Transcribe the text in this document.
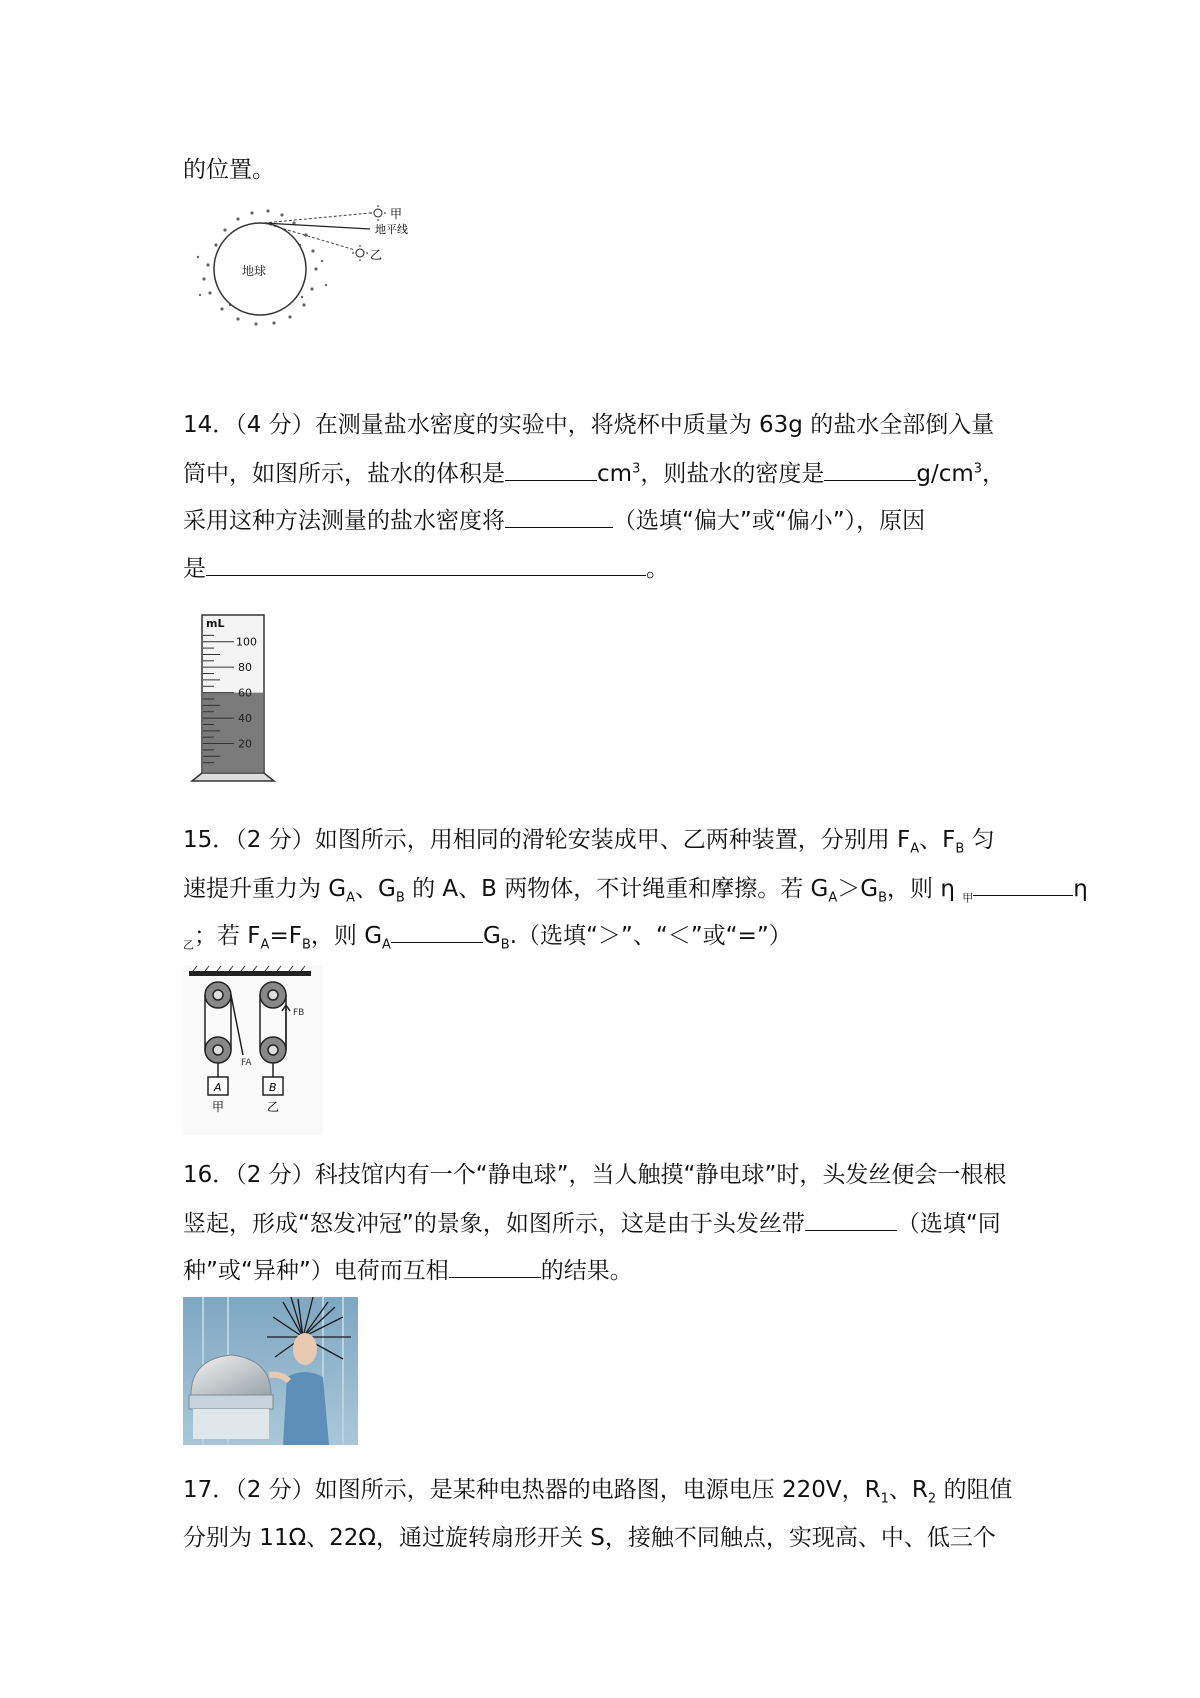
的位置。
地球
甲
地平线
乙
14．（4 分）在测量盐水密度的实验中，将烧杯中质量为 63g 的盐水全部倒入量
筒中，如图所示，盐水的体积是	$cm^3$，则盐水的密度是	$g/cm^3$，
采用这种方法测量的盐水密度将	（选填“偏大”或“偏小”），原因
是	。
mL
100
80
60
40
20
15．（2 分）如图所示，用相同的滑轮安装成甲、乙两种装置，分别用 $F_A$、$F_B$ 匀
速提升重力为 $G_A$、$G_B$ 的 A、B 两物体，不计绳重和摩擦。若 $G_A>G_B$，则 η $_甲$	η
$_乙$；若 $F_A=F_B$，则 $G_A$	$G_B$.（选填“＞”、“＜”或“=”）
FA
A
甲
FB
B
乙
16．（2 分）科技馆内有一个“静电球”，当人触摸“静电球”时，头发丝便会一根根
竖起，形成“怒发冲冠”的景象，如图所示，这是由于头发丝带	（选填“同
种”或“异种”）电荷而互相	的结果。
17．（2 分）如图所示，是某种电热器的电路图，电源电压 220V，$R_1$、$R_2$ 的阻值
分别为 11Ω、22Ω，通过旋转扇形开关 S，接触不同触点，实现高、中、低三个
